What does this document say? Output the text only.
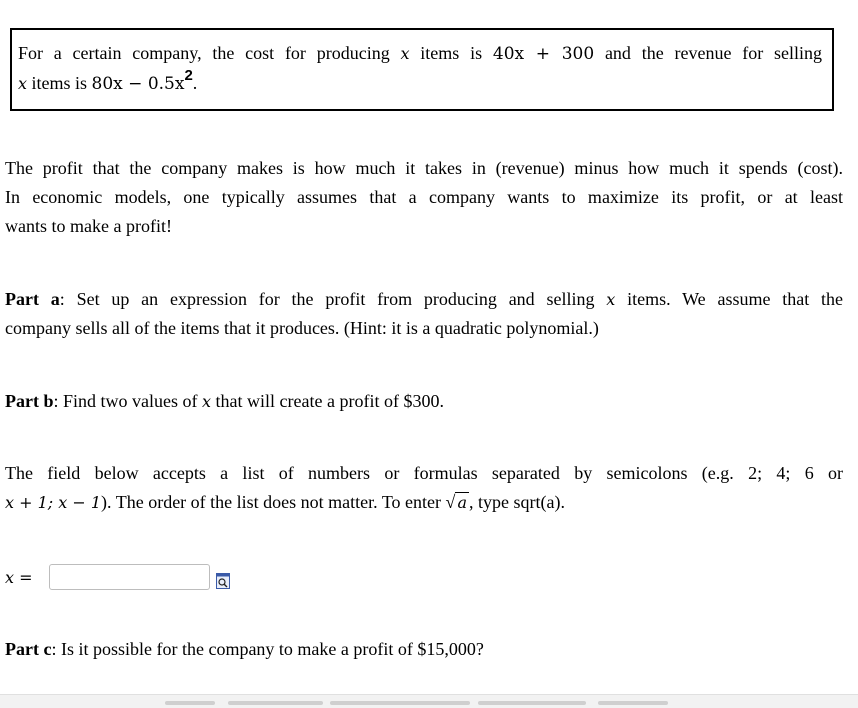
For a certain company, the cost for producing x items is 40x + 300 and the revenue for selling
x items is $80x - 0.5x^2$.
The profit that the company makes is how much it takes in (revenue) minus how much it spends (cost).
In economic models, one typically assumes that a company wants to maximize its profit, or at least
wants to make a profit!
Part a: Set up an expression for the profit from producing and selling x items. We assume that the
company sells all of the items that it produces. (Hint: it is a quadratic polynomial.)
Part b: Find two values of x that will create a profit of $300.
The field below accepts a list of numbers or formulas separated by semicolons (e.g. 2; 4; 6 or
x + 1; x − 1). The order of the list does not matter. To enter √ a , type sqrt(a).
x =
Part c: Is it possible for the company to make a profit of $15,000?
